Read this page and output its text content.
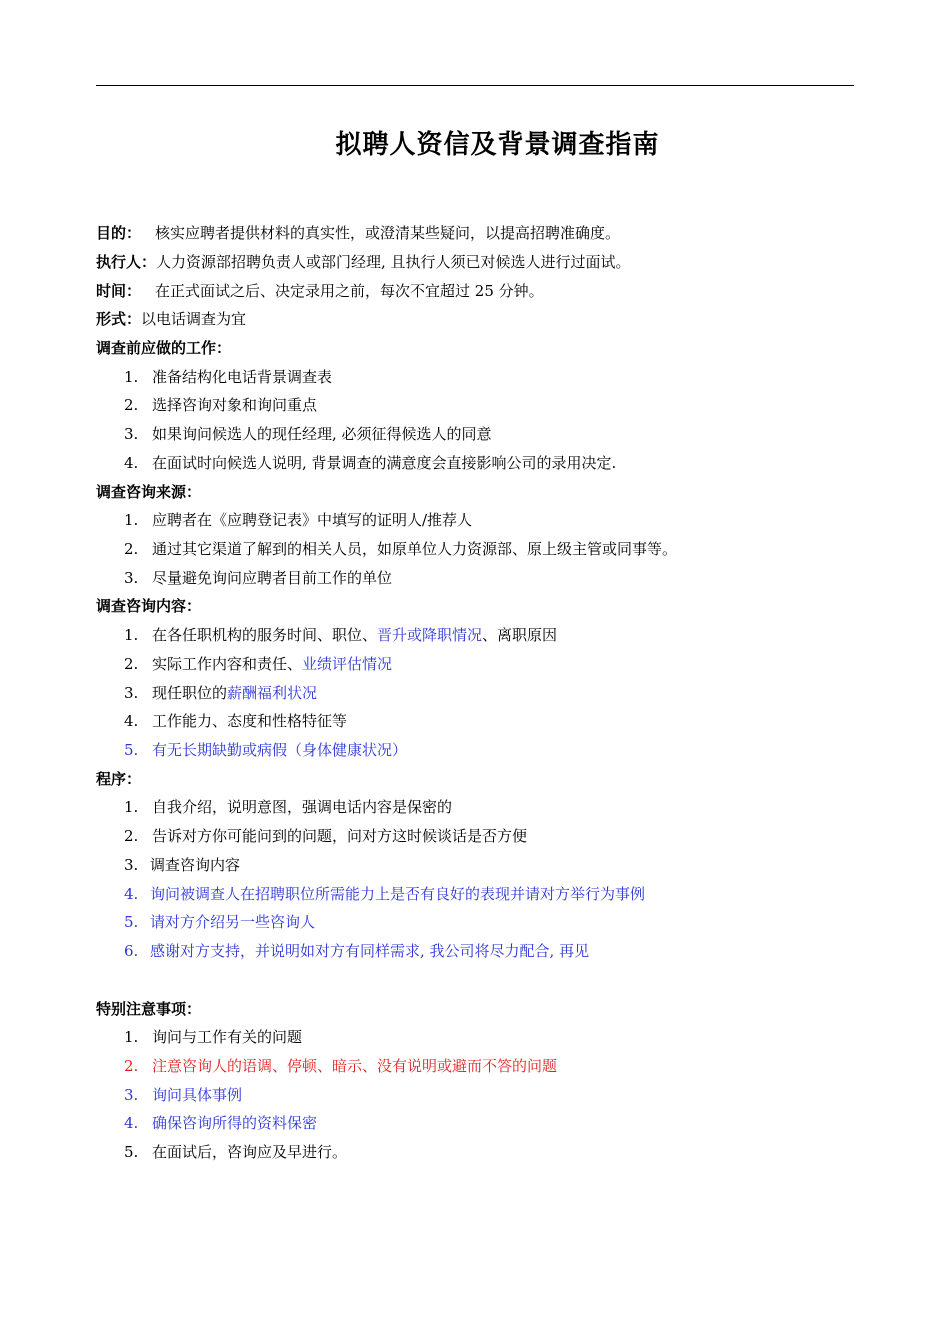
拟聘人资信及背景调查指南
目的： 核实应聘者提供材料的真实性，或澄清某些疑问，以提高招聘准确度。
执行人：人力资源部招聘负责人或部门经理, 且执行人须已对候选人进行过面试。
时间： 在正式面试之后、决定录用之前，每次不宜超过 25 分钟。
形式：以电话调查为宜
调查前应做的工作：
1. 准备结构化电话背景调查表
2. 选择咨询对象和询问重点
3. 如果询问候选人的现任经理, 必须征得候选人的同意
4. 在面试时向候选人说明, 背景调查的满意度会直接影响公司的录用决定.
调查咨询来源：
1. 应聘者在《应聘登记表》中填写的证明人/推荐人
2. 通过其它渠道了解到的相关人员，如原单位人力资源部、原上级主管或同事等。
3. 尽量避免询问应聘者目前工作的单位
调查咨询内容：
1. 在各任职机构的服务时间、职位、晋升或降职情况、离职原因
2. 实际工作内容和责任、业绩评估情况
3. 现任职位的薪酬福利状况
4. 工作能力、态度和性格特征等
5. 有无长期缺勤或病假（身体健康状况）
程序：
1. 自我介绍，说明意图，强调电话内容是保密的
2. 告诉对方你可能问到的问题，问对方这时候谈话是否方便
3. 调查咨询内容
4. 询问被调查人在招聘职位所需能力上是否有良好的表现并请对方举行为事例
5. 请对方介绍另一些咨询人
6. 感谢对方支持，并说明如对方有同样需求, 我公司将尽力配合, 再见
特别注意事项：
1. 询问与工作有关的问题
2. 注意咨询人的语调、停顿、暗示、没有说明或避而不答的问题
3. 询问具体事例
4. 确保咨询所得的资料保密
5. 在面试后，咨询应及早进行。
